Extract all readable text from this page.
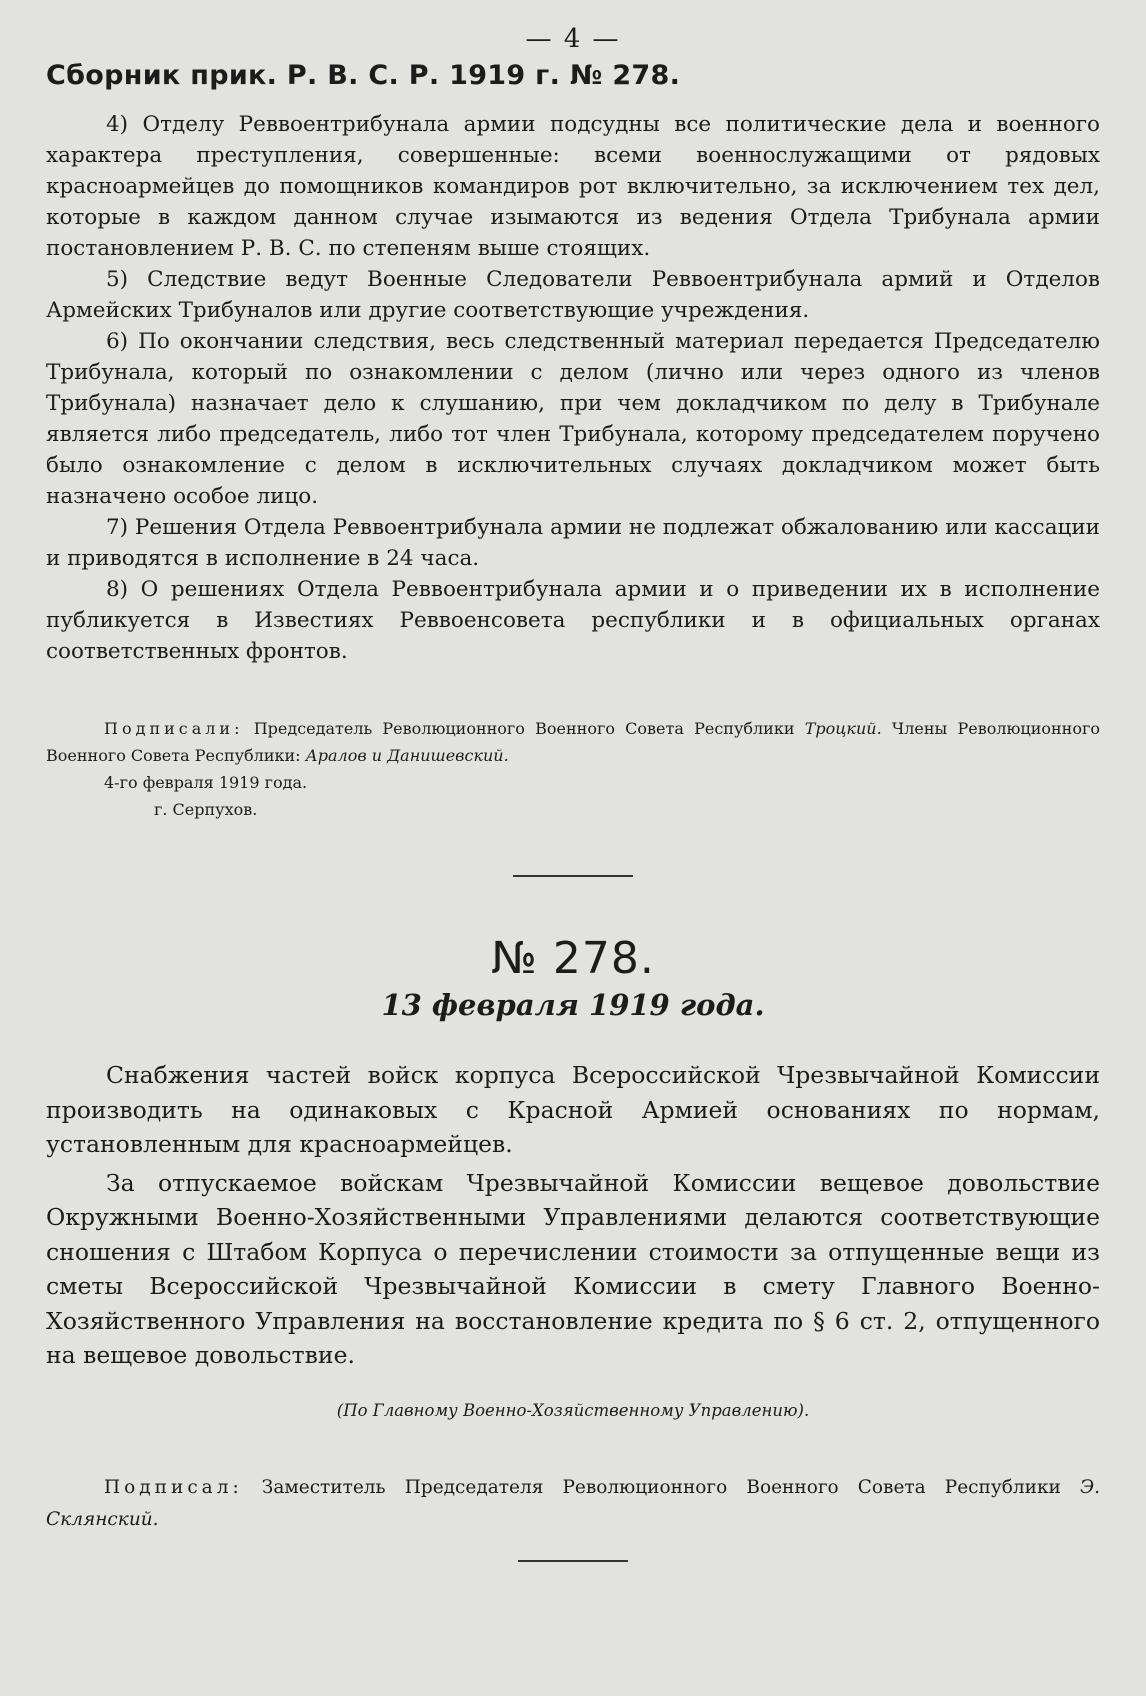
— 4 —
Сборник прик. Р. В. С. Р. 1919 г. № 278.

4) Отделу Реввоентрибунала армии подсудны все политические дела и военного характера преступления, совершенные: всеми военнослужащими от рядовых красноармейцев до помощников командиров рот включительно, за исключением тех дел, которые в каждом данном случае изымаются из ведения Отдела Трибунала армии постановлением Р. В. С. по степеням выше стоящих.

5) Следствие ведут Военные Следователи Реввоентрибунала армий и Отделов Армейских Трибуналов или другие соответствующие учреждения.

6) По окончании следствия, весь следственный материал передается Председателю Трибунала, который по ознакомлении с делом (лично или через одного из членов Трибунала) назначает дело к слушанию, при чем докладчиком по делу в Трибунале является либо председатель, либо тот член Трибунала, которому председателем поручено было ознакомление с делом в исключительных случаях докладчиком может быть назначено особое лицо.

7) Решения Отдела Реввоентрибунала армии не подлежат обжалованию или кассации и приводятся в исполнение в 24 часа.

8) О решениях Отдела Реввоентрибунала армии и о приведении их в исполнение публикуется в Известиях Реввоенсовета республики и в официальных органах соответственных фронтов.

Подписали: Председатель Революционного Военного Совета Республики Троцкий. Члены Революционного Военного Совета Республики: Аралов и Данишевский.
4-го февраля 1919 года.
г. Серпухов.
№ 278.
13 февраля 1919 года.

Снабжения частей войск корпуса Всероссийской Чрезвычайной Комиссии производить на одинаковых с Красной Армией основаниях по нормам, установленным для красноармейцев.

За отпускаемое войскам Чрезвычайной Комиссии вещевое довольствие Окружными Военно-Хозяйственными Управлениями делаются соответствующие сношения с Штабом Корпуса о перечислении стоимости за отпущенные вещи из сметы Всероссийской Чрезвычайной Комиссии в смету Главного Военно-Хозяйственного Управления на восстановление кредита по § 6 ст. 2, отпущенного на вещевое довольствие.

(По Главному Военно-Хозяйственному Управлению).
Подписал: Заместитель Председателя Революционного Военного Совета Республики Э. Склянский.
